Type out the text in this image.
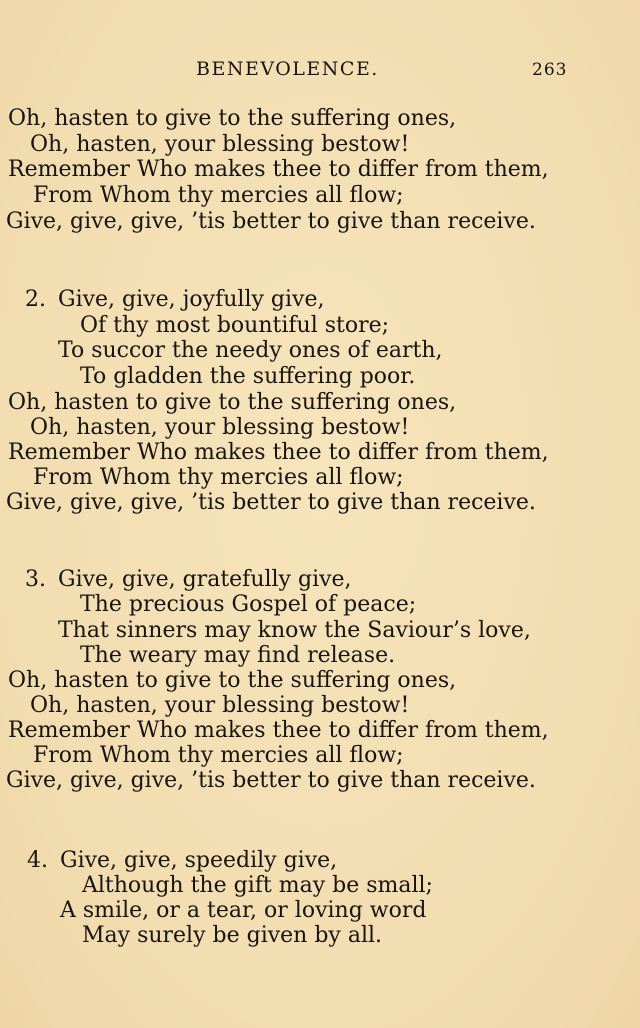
BENEVOLENCE.	263
Oh, hasten to give to the suffering ones,
Oh, hasten, your blessing bestow!
Remember Who makes thee to differ from them,
From Whom thy mercies all flow;
Give, give, give, ’tis better to give than receive.
2. Give, give, joyfully give,
Of thy most bountiful store;
To succor the needy ones of earth,
To gladden the suffering poor.
Oh, hasten to give to the suffering ones,
Oh, hasten, your blessing bestow!
Remember Who makes thee to differ from them,
From Whom thy mercies all flow;
Give, give, give, ’tis better to give than receive.
3. Give, give, gratefully give,
The precious Gospel of peace;
That sinners may know the Saviour’s love,
The weary may find release.
Oh, hasten to give to the suffering ones,
Oh, hasten, your blessing bestow!
Remember Who makes thee to differ from them,
From Whom thy mercies all flow;
Give, give, give, ’tis better to give than receive.
4. Give, give, speedily give,
Although the gift may be small;
A smile, or a tear, or loving word
May surely be given by all.
